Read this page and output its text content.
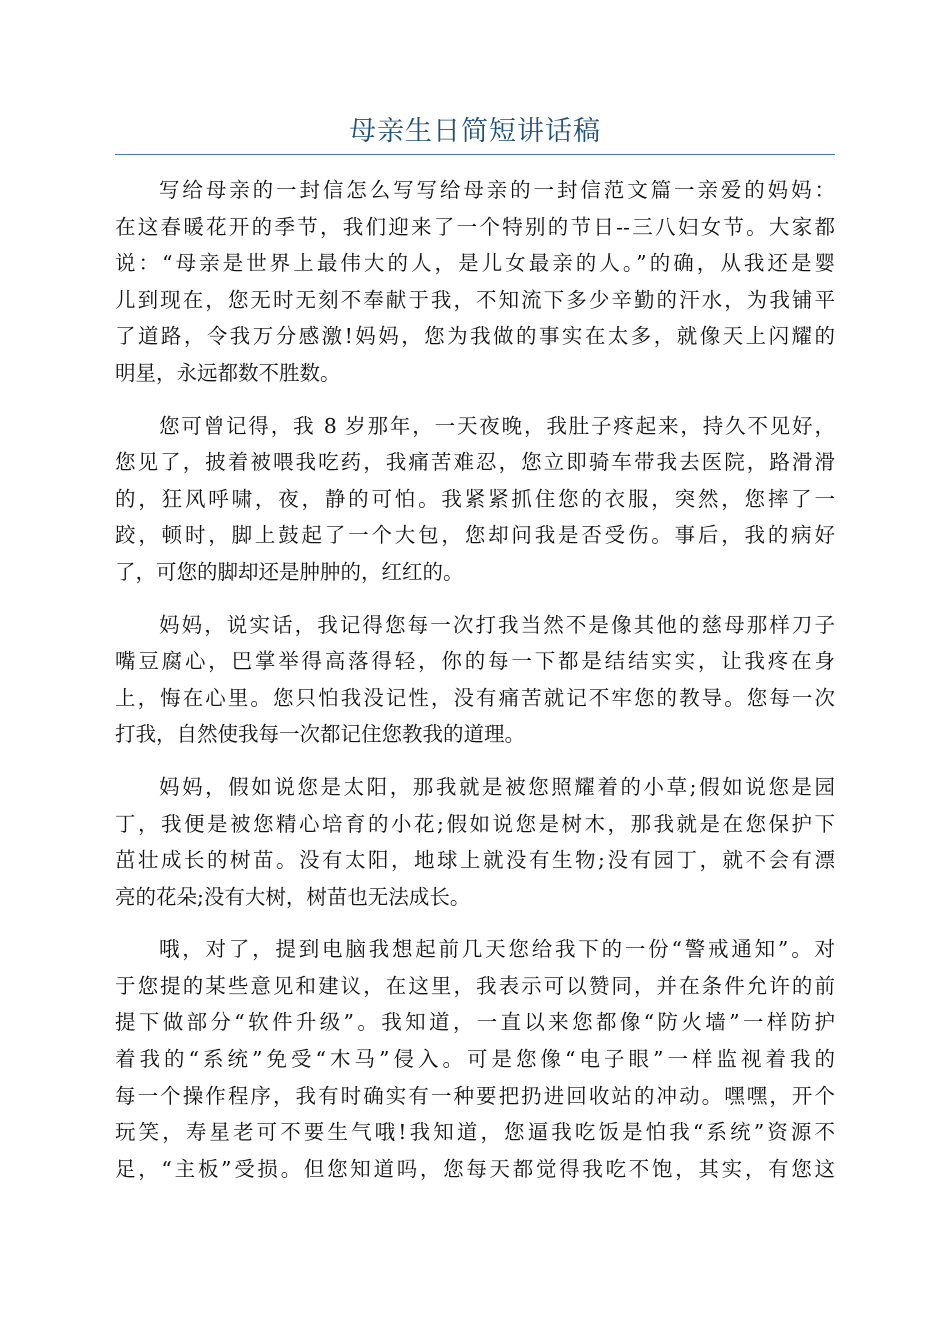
母亲生日简短讲话稿
写给母亲的一封信怎么写写给母亲的一封信范文篇一亲爱的妈妈：
在这春暖花开的季节，我们迎来了一个特别的节日--三八妇女节。大家都
说：“母亲是世界上最伟大的人，是儿女最亲的人。”的确，从我还是婴
儿到现在，您无时无刻不奉献于我，不知流下多少辛勤的汗水，为我铺平
了道路，令我万分感激!妈妈，您为我做的事实在太多，就像天上闪耀的
明星，永远都数不胜数。
您可曾记得，我 8 岁那年，一天夜晚，我肚子疼起来，持久不见好，
您见了，披着被喂我吃药，我痛苦难忍，您立即骑车带我去医院，路滑滑
的，狂风呼啸，夜，静的可怕。我紧紧抓住您的衣服，突然，您摔了一
跤，顿时，脚上鼓起了一个大包，您却问我是否受伤。事后，我的病好
了，可您的脚却还是肿肿的，红红的。
妈妈，说实话，我记得您每一次打我当然不是像其他的慈母那样刀子
嘴豆腐心，巴掌举得高落得轻，你的每一下都是结结实实，让我疼在身
上，悔在心里。您只怕我没记性，没有痛苦就记不牢您的教导。您每一次
打我，自然使我每一次都记住您教我的道理。
妈妈，假如说您是太阳，那我就是被您照耀着的小草;假如说您是园
丁，我便是被您精心培育的小花;假如说您是树木，那我就是在您保护下
茁壮成长的树苗。没有太阳，地球上就没有生物;没有园丁，就不会有漂
亮的花朵;没有大树，树苗也无法成长。
哦，对了，提到电脑我想起前几天您给我下的一份“警戒通知”。对
于您提的某些意见和建议，在这里，我表示可以赞同，并在条件允许的前
提下做部分“软件升级”。我知道，一直以来您都像“防火墙”一样防护
着我的“系统”免受“木马”侵入。可是您像“电子眼”一样监视着我的
每一个操作程序，我有时确实有一种要把扔进回收站的冲动。嘿嘿，开个
玩笑，寿星老可不要生气哦!我知道，您逼我吃饭是怕我“系统”资源不
足，“主板”受损。但您知道吗，您每天都觉得我吃不饱，其实，有您这
